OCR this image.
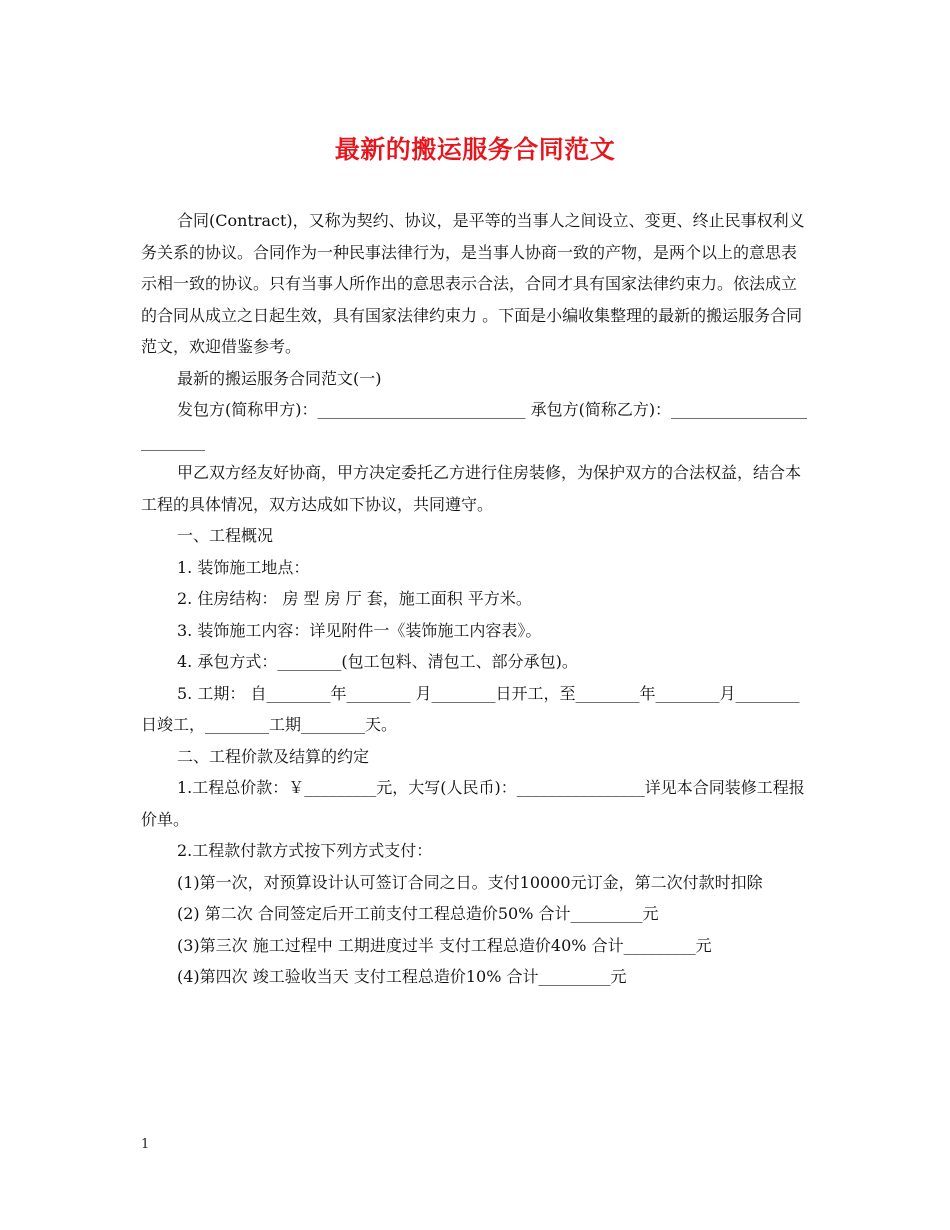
最新的搬运服务合同范文

合同(Contract)，又称为契约、协议，是平等的当事人之间设立、变更、终止民事权利义务关系的协议。合同作为一种民事法律行为，是当事人协商一致的产物，是两个以上的意思表示相一致的协议。只有当事人所作出的意思表示合法，合同才具有国家法律约束力。依法成立的合同从成立之日起生效，具有国家法律约束力 。下面是小编收集整理的最新的搬运服务合同范文，欢迎借鉴参考。

最新的搬运服务合同范文(一)

发包方(简称甲方)：__________________________ 承包方(简称乙方)：_________________________

甲乙双方经友好协商，甲方决定委托乙方进行住房装修，为保护双方的合法权益，结合本工程的具体情况，双方达成如下协议，共同遵守。

一、工程概况

1. 装饰施工地点：

2. 住房结构： 房 型 房 厅 套，施工面积 平方米。

3. 装饰施工内容：详见附件一《装饰施工内容表》。

4. 承包方式：________(包工包料、清包工、部分承包)。

5. 工期： 自________年________ 月________日开工，至________年________月________日竣工，________工期________天。

二、工程价款及结算的约定

1.工程总价款：￥_________元，大写(人民币)：________________详见本合同装修工程报价单。

2.工程款付款方式按下列方式支付：

(1)第一次，对预算设计认可签订合同之日。支付10000元订金，第二次付款时扣除

(2) 第二次 合同签定后开工前支付工程总造价50% 合计_________元

(3)第三次 施工过程中 工期进度过半 支付工程总造价40% 合计_________元

(4)第四次 竣工验收当天 支付工程总造价10% 合计_________元

1
